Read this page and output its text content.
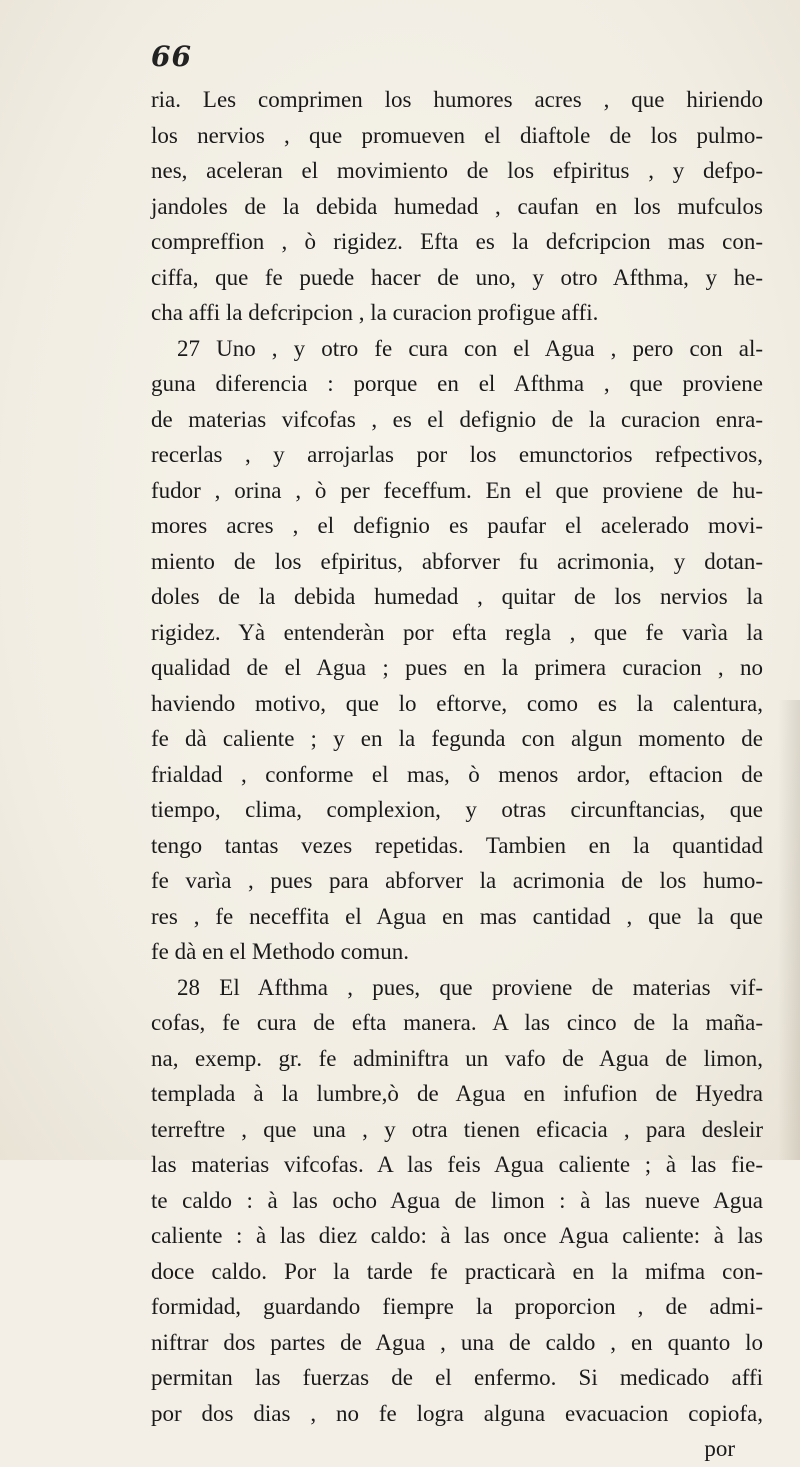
66
ria. Les comprimen los humores acres , que hiriendo
los nervios , que promueven el diaftole de los pulmo-
nes, aceleran el movimiento de los efpiritus , y defpo-
jandoles de la debida humedad , caufan en los mufculos
compreffion , ò rigidez. Efta es la defcripcion mas con-
ciffa, que fe puede hacer de uno, y otro Afthma, y he-
cha affi la defcripcion , la curacion profigue affi.
27 Uno , y otro fe cura con el Agua , pero con al-
guna diferencia : porque en el Afthma , que proviene
de materias vifcofas , es el defignio de la curacion enra-
recerlas , y arrojarlas por los emunctorios refpectivos,
fudor , orina , ò per feceffum. En el que proviene de hu-
mores acres , el defignio es paufar el acelerado movi-
miento de los efpiritus, abforver fu acrimonia, y dotan-
doles de la debida humedad , quitar de los nervios la
rigidez. Yà entenderàn por efta regla , que fe varìa la
qualidad de el Agua ; pues en la primera curacion , no
haviendo motivo, que lo eftorve, como es la calentura,
fe dà caliente ; y en la fegunda con algun momento de
frialdad , conforme el mas, ò menos ardor, eftacion de
tiempo, clima, complexion, y otras circunftancias, que
tengo tantas vezes repetidas. Tambien en la quantidad
fe varìa , pues para abforver la acrimonia de los humo-
res , fe neceffita el Agua en mas cantidad , que la que
fe dà en el Methodo comun.
28 El Afthma , pues, que proviene de materias vif-
cofas, fe cura de efta manera. A las cinco de la maña-
na, exemp. gr. fe adminiftra un vafo de Agua de limon,
templada à la lumbre,ò de Agua en infufion de Hyedra
terreftre , que una , y otra tienen eficacia , para desleir
las materias vifcofas. A las feis Agua caliente ; à las fie-
te caldo : à las ocho Agua de limon : à las nueve Agua
caliente : à las diez caldo: à las once Agua caliente: à las
doce caldo. Por la tarde fe practicarà en la mifma con-
formidad, guardando fiempre la proporcion , de admi-
niftrar dos partes de Agua , una de caldo , en quanto lo
permitan las fuerzas de el enfermo. Si medicado affi
por dos dias , no fe logra alguna evacuacion copiofa,
por
